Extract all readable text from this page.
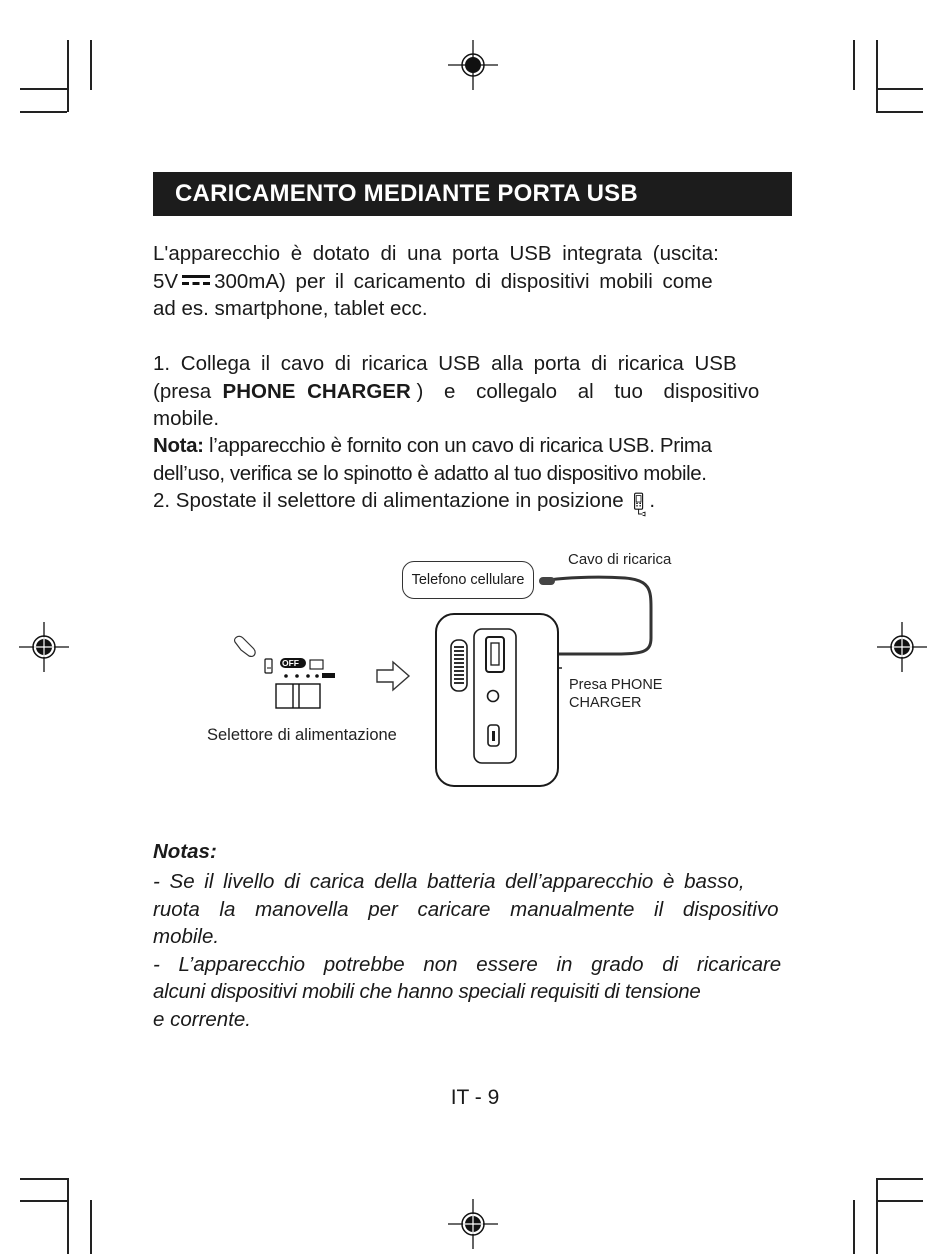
CARICAMENTO MEDIANTE PORTA USB
L'apparecchio è dotato di una porta USB integrata (uscita:
5V 300mA) per il caricamento di dispositivi mobili come
ad es. smartphone, tablet ecc.
1. Collega il cavo di ricarica USB alla porta di ricarica USB
(presa PHONE CHARGER ) e collegalo al tuo dispositivo
mobile.
Nota: l’apparecchio è fornito con un cavo di ricarica USB. Prima
dell’uso, verifica se lo spinotto è adatto al tuo dispositivo mobile.
2. Spostate il selettore di alimentazione in posizione .
Telefono cellulare
Cavo di ricarica
Presa PHONE
CHARGER
Selettore di alimentazione
OFF
Notas:
- Se il livello di carica della batteria dell’apparecchio è basso,
ruota la manovella per caricare manualmente il dispositivo
mobile.
- L’apparecchio potrebbe non essere in grado di ricaricare
alcuni dispositivi mobili che hanno speciali requisiti di tensione
e corrente.
IT - 9
